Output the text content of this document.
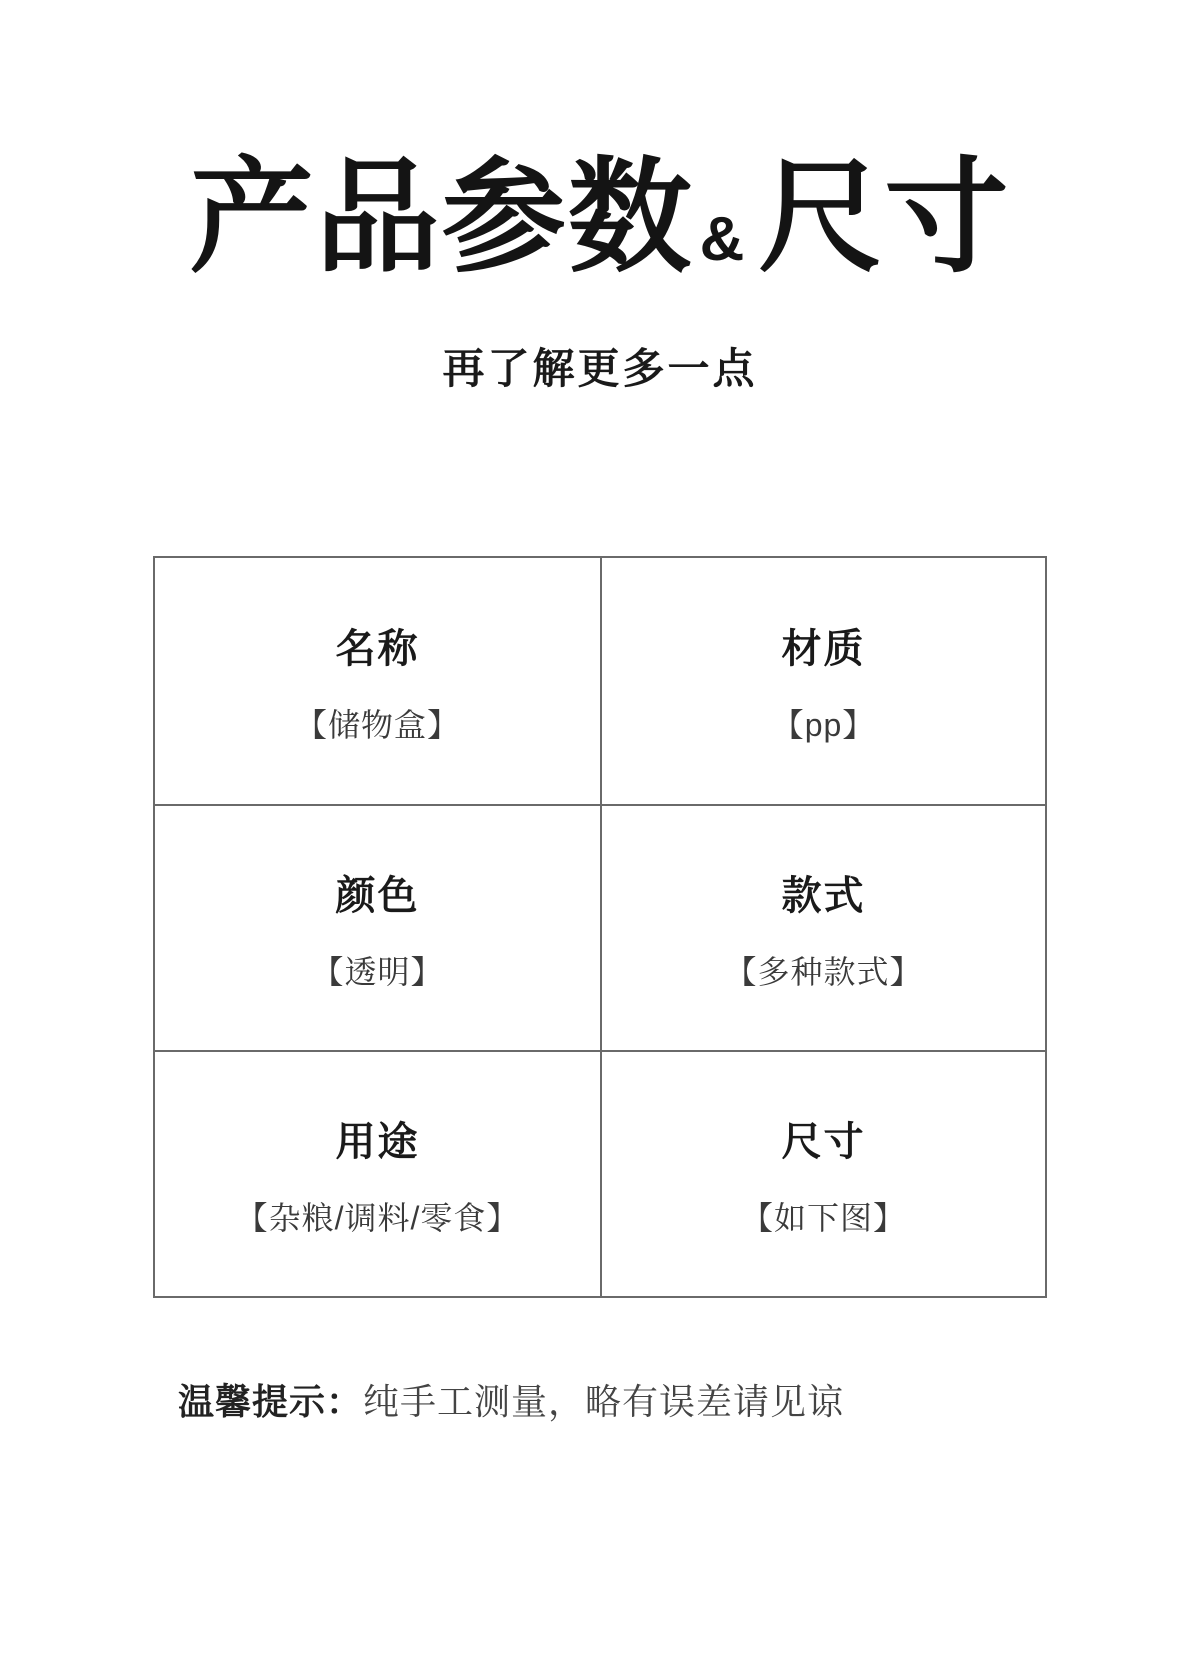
产品参数&尺寸
再了解更多一点
名称
【储物盒】
材质
【pp】
颜色
【透明】
款式
【多种款式】
用途
【杂粮/调料/零食】
尺寸
【如下图】
温馨提示：纯手工测量，略有误差请见谅
